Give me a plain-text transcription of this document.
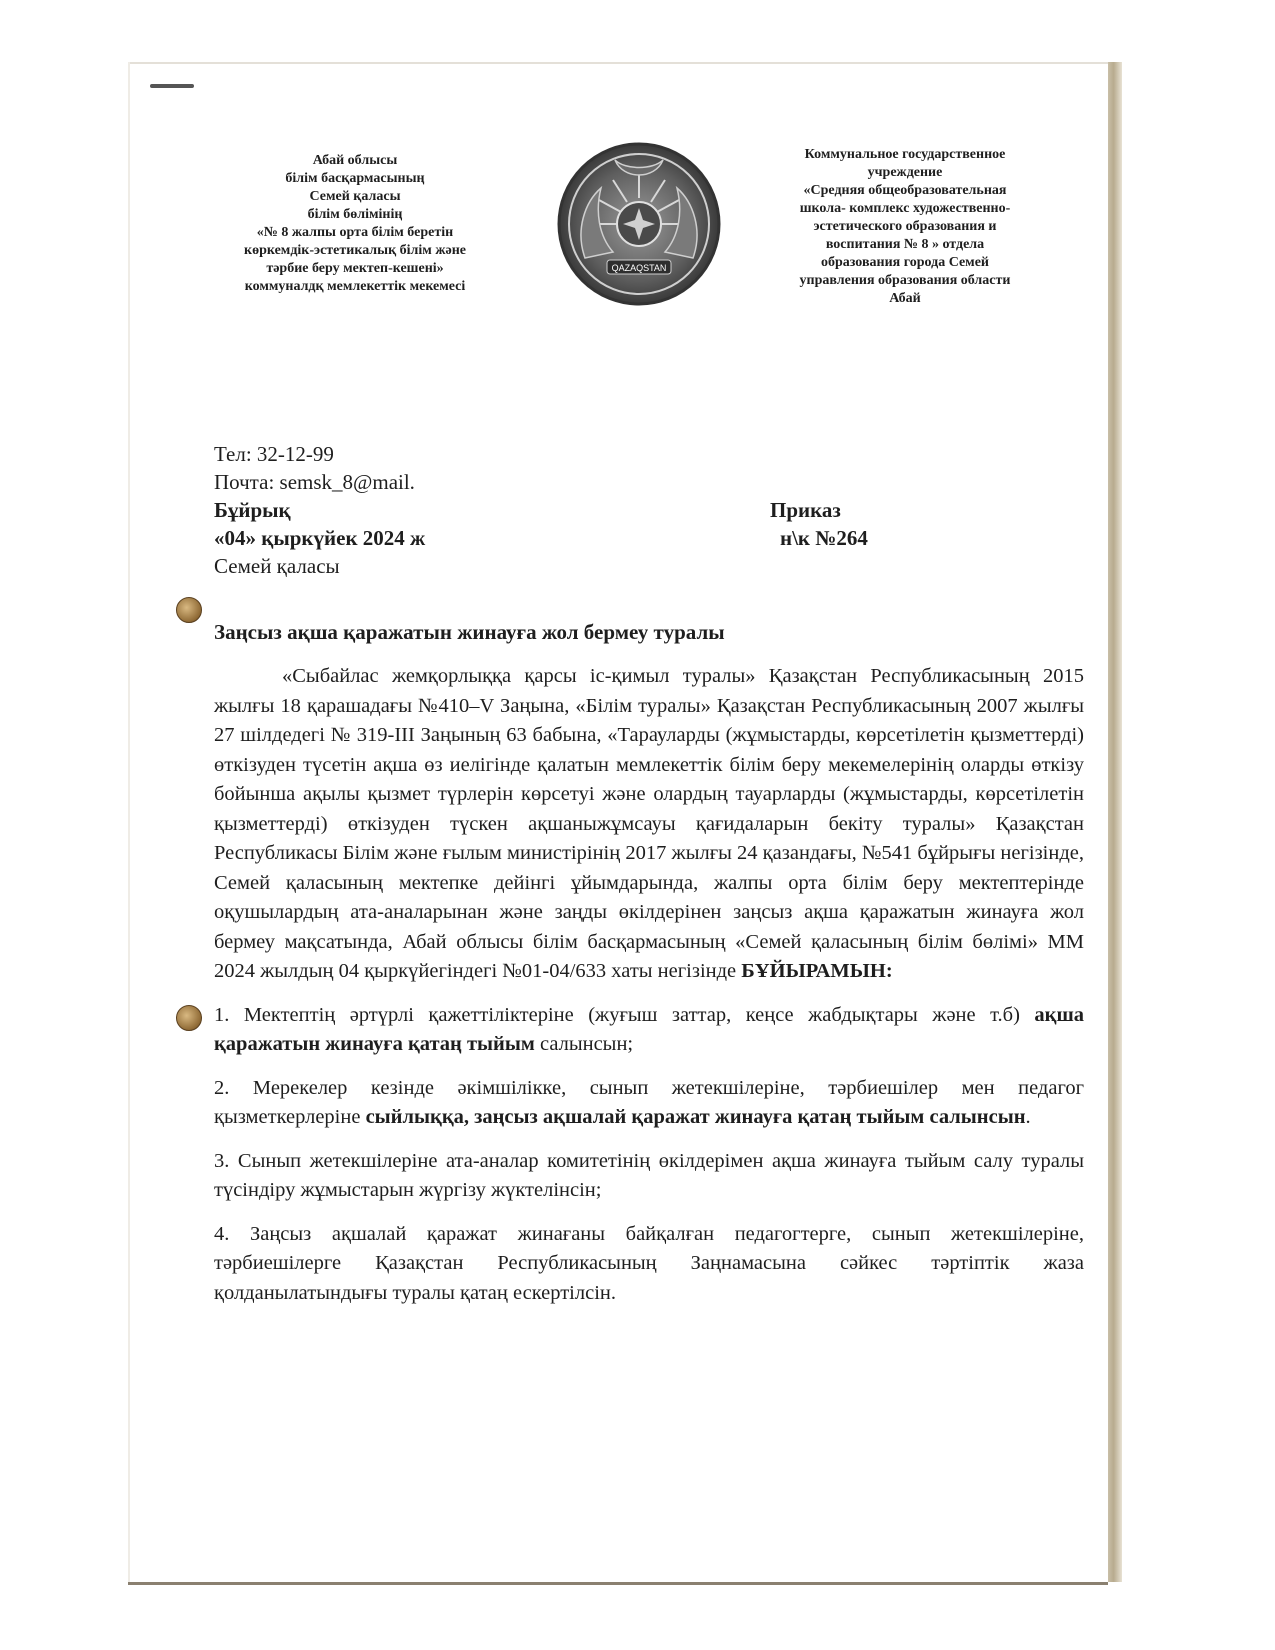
Абай облысы
білім басқармасының
Семей қаласы
білім бөлімінің
«№ 8 жалпы орта білім беретін
көркемдік-эстетикалық білім және
тәрбие беру мектеп-кешені»
коммуналдқ мемлекеттік мекемесі
QAZAQSTAN
Коммунальное государственное
учреждение
«Средняя общеобразовательная
школа- комплекс художественно-
эстетического образования и
воспитания № 8 » отдела
образования города Семей
управления образования области
Абай
Тел: 32-12-99
Почта: semsk_8@mail.
Бұйрық
«04» қыркүйек 2024 ж
Семей қаласы
Приказ
н\к №264
Заңсыз ақша қаражатын жинауға жол бермеу туралы

«Сыбайлас жемқорлыққа қарсы іс-қимыл туралы» Қазақстан Республикасының 2015 жылғы 18 қарашадағы №410–V Заңына, «Білім туралы» Қазақстан Республикасының 2007 жылғы 27 шілдедегі № 319-ІІІ Заңының 63 бабына, «Тарауларды (жұмыстарды, көрсетілетін қызметтерді) өткізуден түсетін ақша өз иелігінде қалатын мемлекеттік білім беру мекемелерінің оларды өткізу бойынша ақылы қызмет түрлерін көрсетуі және олардың тауарларды (жұмыстарды, көрсетілетін қызметтерді) өткізуден түскен ақшаныжұмсауы қағидаларын бекіту туралы» Қазақстан Республикасы Білім және ғылым министірінің 2017 жылғы 24 қазандағы, №541 бұйрығы негізінде, Семей қаласының мектепке дейінгі ұйымдарында, жалпы орта білім беру мектептерінде оқушылардың ата-аналарынан және заңды өкілдерінен заңсыз ақша қаражатын жинауға жол бермеу мақсатында, Абай облысы білім басқармасының «Семей қаласының білім бөлімі» ММ 2024 жылдың 04 қыркүйегіндегі №01-04/633 хаты негізінде БҰЙЫРАМЫН:

1. Мектептің әртүрлі қажеттіліктеріне (жуғыш заттар, кеңсе жабдықтары және т.б) ақша қаражатын жинауға қатаң тыйым салынсын;

2. Мерекелер кезінде әкімшілікке, сынып жетекшілеріне, тәрбиешілер мен педагог қызметкерлеріне сыйлыққа, заңсыз ақшалай қаражат жинауға қатаң тыйым салынсын.

3. Сынып жетекшілеріне ата-аналар комитетінің өкілдерімен ақша жинауға тыйым салу туралы түсіндіру жұмыстарын жүргізу жүктелінсін;

4. Заңсыз ақшалай қаражат жинағаны байқалған педагогтерге, сынып жетекшілеріне, тәрбиешілерге Қазақстан Республикасының Заңнамасына сәйкес тәртіптік жаза қолданылатындығы туралы қатаң ескертілсін.
